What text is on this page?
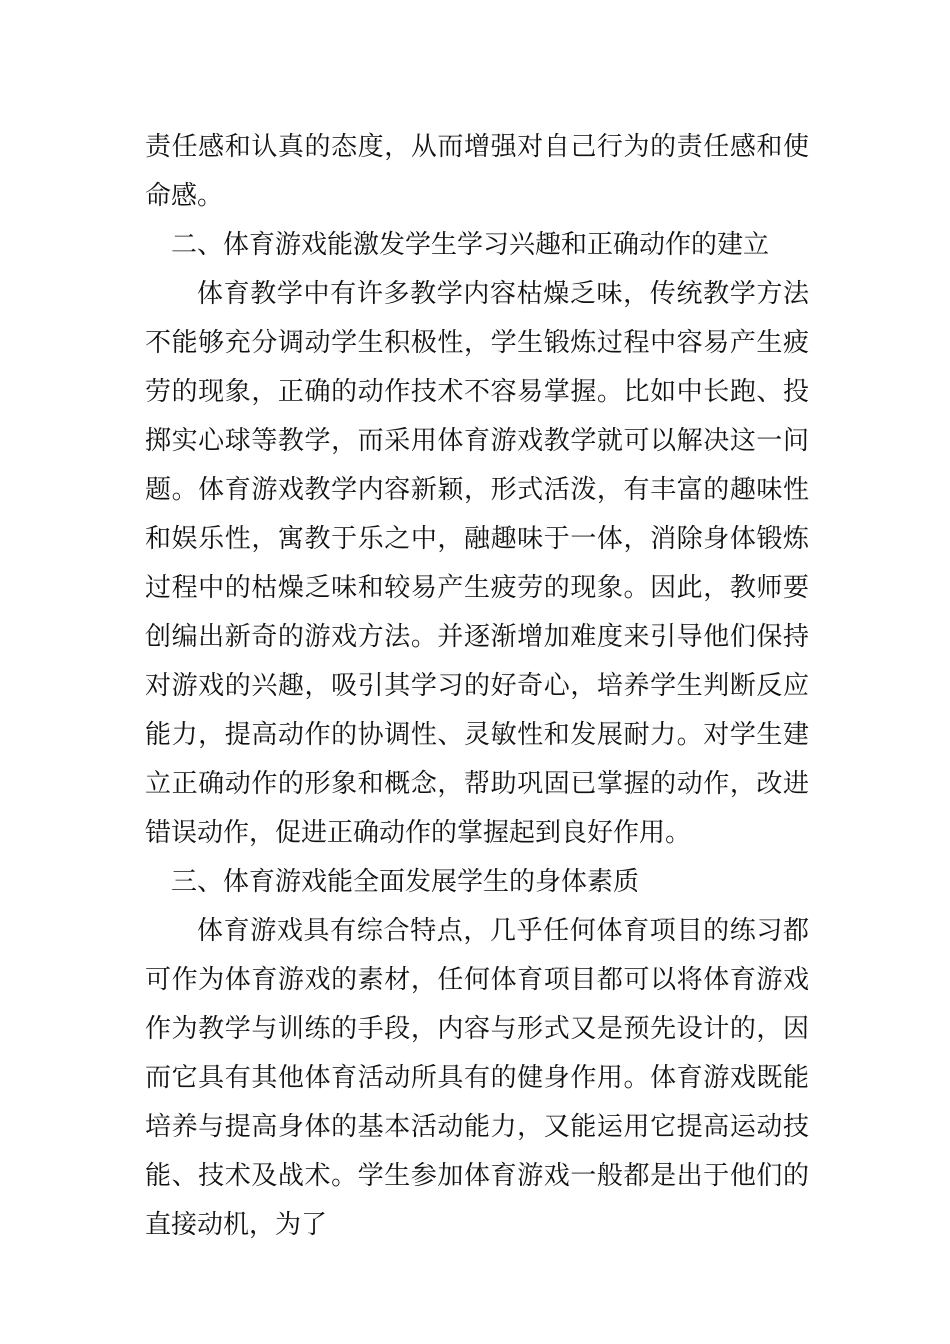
责任感和认真的态度，从而增强对自己行为的责任感和使命感。

二、体育游戏能激发学生学习兴趣和正确动作的建立

体育教学中有许多教学内容枯燥乏味，传统教学方法不能够充分调动学生积极性，学生锻炼过程中容易产生疲劳的现象，正确的动作技术不容易掌握。比如中长跑、投掷实心球等教学，而采用体育游戏教学就可以解决这一问题。体育游戏教学内容新颖，形式活泼，有丰富的趣味性和娱乐性，寓教于乐之中，融趣味于一体，消除身体锻炼过程中的枯燥乏味和较易产生疲劳的现象。因此，教师要创编出新奇的游戏方法。并逐渐增加难度来引导他们保持对游戏的兴趣，吸引其学习的好奇心，培养学生判断反应能力，提高动作的协调性、灵敏性和发展耐力。对学生建立正确动作的形象和概念，帮助巩固已掌握的动作，改进错误动作，促进正确动作的掌握起到良好作用。

三、体育游戏能全面发展学生的身体素质

体育游戏具有综合特点，几乎任何体育项目的练习都可作为体育游戏的素材，任何体育项目都可以将体育游戏作为教学与训练的手段，内容与形式又是预先设计的，因而它具有其他体育活动所具有的健身作用。体育游戏既能培养与提高身体的基本活动能力，又能运用它提高运动技能、技术及战术。学生参加体育游戏一般都是出于他们的直接动机，为了
